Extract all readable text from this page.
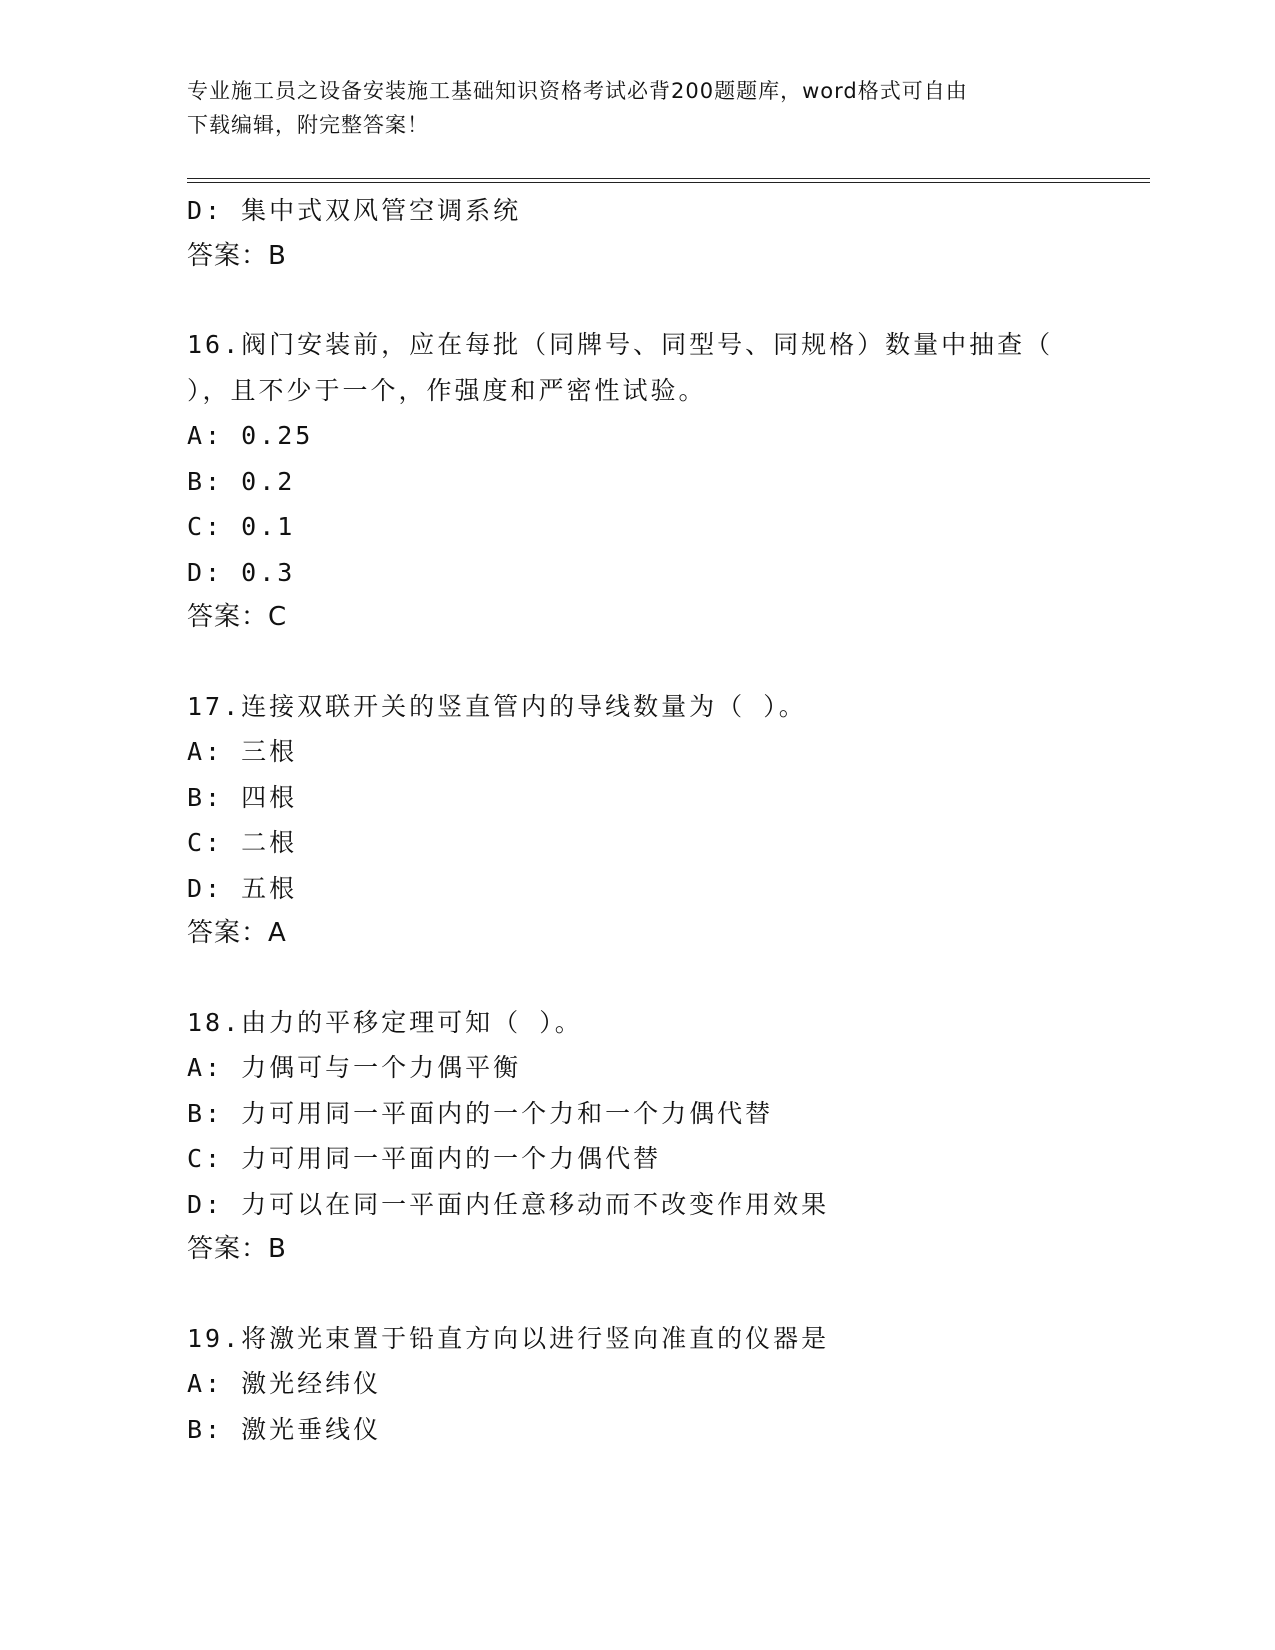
专业施工员之设备安装施工基础知识资格考试必背200题题库，word格式可自由
下载编辑，附完整答案！
D: 集中式双风管空调系统
答案：B
16.阀门安装前，应在每批（同牌号、同型号、同规格）数量中抽查（
），且不少于一个，作强度和严密性试验。
A: 0.25
B: 0.2
C: 0.1
D: 0.3
答案：C
17.连接双联开关的竖直管内的导线数量为（ ）。
A: 三根
B: 四根
C: 二根
D: 五根
答案：A
18.由力的平移定理可知（ ）。
A: 力偶可与一个力偶平衡
B: 力可用同一平面内的一个力和一个力偶代替
C: 力可用同一平面内的一个力偶代替
D: 力可以在同一平面内任意移动而不改变作用效果
答案：B
19.将激光束置于铅直方向以进行竖向准直的仪器是
A: 激光经纬仪
B: 激光垂线仪
